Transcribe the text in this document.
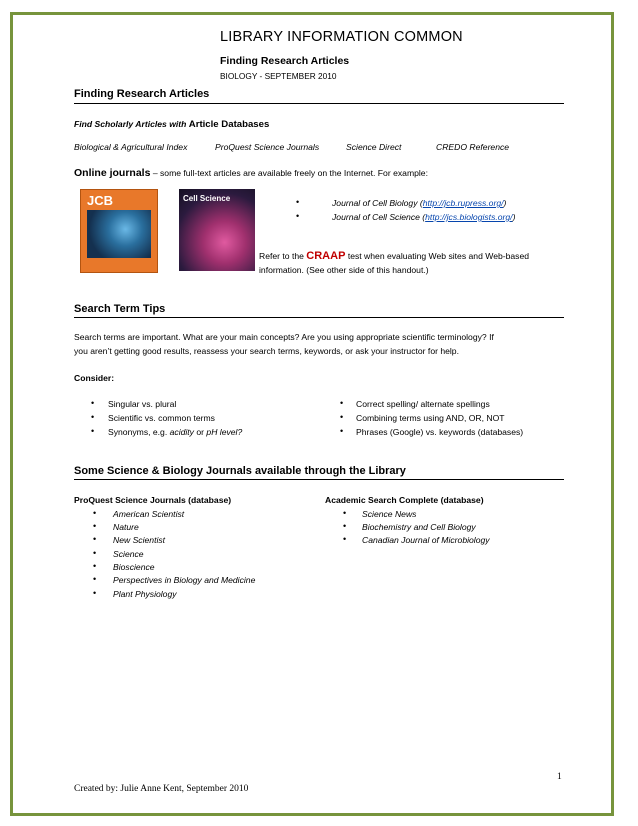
LIBRARY INFORMATION COMMON
Finding Research Articles
BIOLOGY - SEPTEMBER 2010
Finding Research Articles
Find Scholarly Articles with Article Databases
Biological & Agricultural Index	ProQuest Science Journals	Science Direct	CREDO Reference
Online journals – some full-text articles are available freely on the Internet. For example:
JCB	Cell Science	•	Journal of Cell Biology (http://jcb.rupress.org/)
•	Journal of Cell Science (http://jcs.biologists.org/)
Refer to the CRAAP test when evaluating Web sites and Web-based
information. (See other side of this handout.)
Search Term Tips
Search terms are important. What are your main concepts? Are you using appropriate scientific terminology? If
you aren’t getting good results, reassess your search terms, keywords, or ask your instructor for help.
Consider:
• Singular vs. plural
• Scientific vs. common terms
• Synonyms, e.g. acidity or pH level?
• Correct spelling/ alternate spellings
• Combining terms using AND, OR, NOT
• Phrases (Google) vs. keywords (databases)
Some Science & Biology Journals available through the Library
ProQuest Science Journals (database)	Academic Search Complete (database)
• American Scientist
• Nature
• New Scientist
• Science
• Bioscience
• Perspectives in Biology and Medicine
• Plant Physiology
• Science News
• Biochemistry and Cell Biology
• Canadian Journal of Microbiology
1
Created by: Julie Anne Kent, September 2010
